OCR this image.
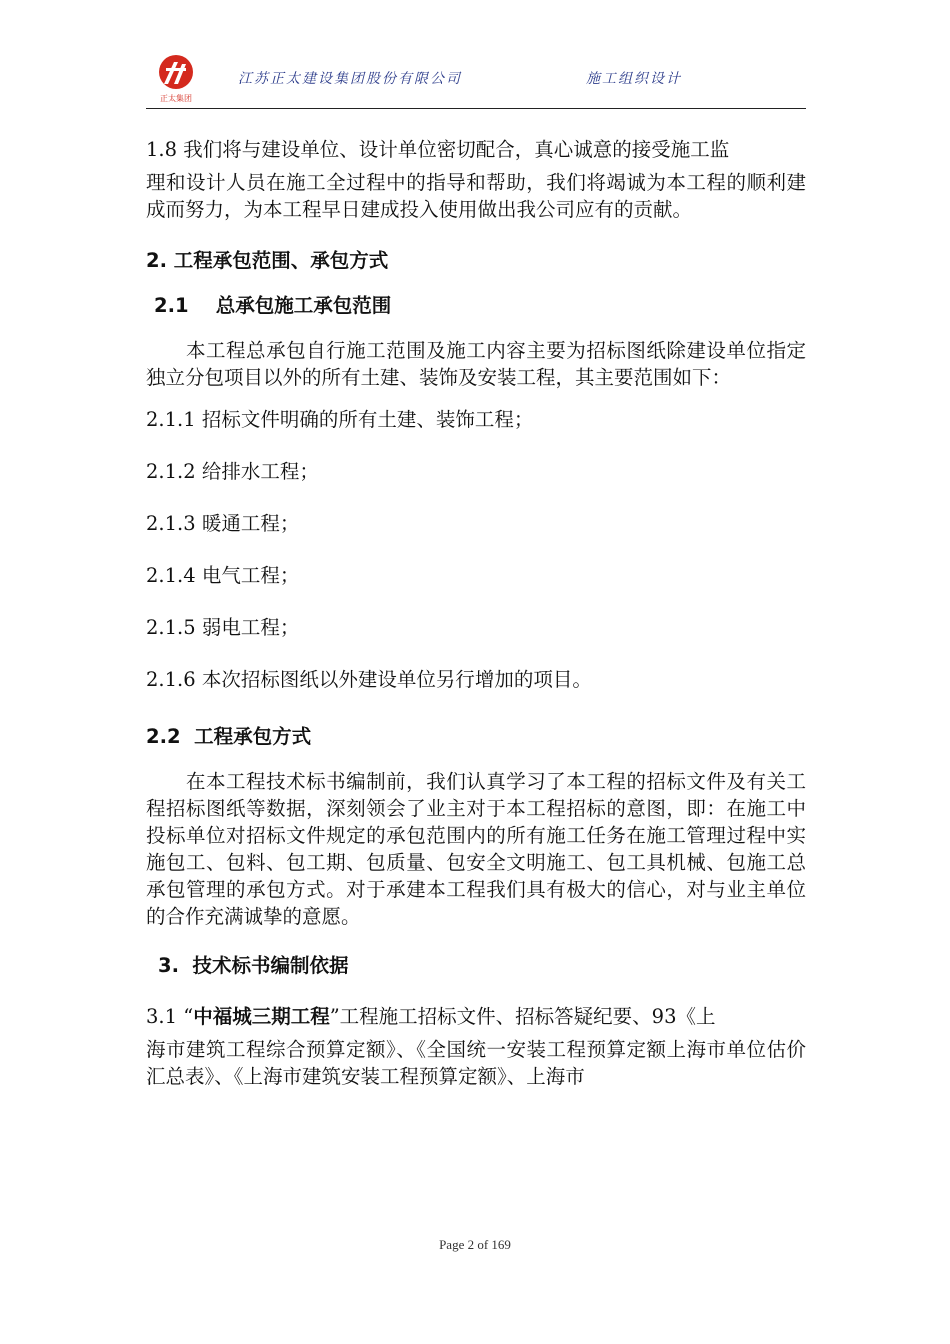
正太集团
江苏正太建设集团股份有限公司	施工组织设计

1.8 我们将与建设单位、设计单位密切配合，真心诚意的接受施工监

理和设计人员在施工全过程中的指导和帮助，我们将竭诚为本工程的顺利建成而努力，为本工程早日建成投入使用做出我公司应有的贡献。

2. 工程承包范围、承包方式
2.1    总承包施工承包范围

本工程总承包自行施工范围及施工内容主要为招标图纸除建设单位指定独立分包项目以外的所有土建、装饰及安装工程，其主要范围如下：

2.1.1 招标文件明确的所有土建、装饰工程；

2.1.2 给排水工程；

2.1.3 暖通工程；

2.1.4 电气工程；

2.1.5 弱电工程；

2.1.6 本次招标图纸以外建设单位另行增加的项目。

2.2  工程承包方式

在本工程技术标书编制前，我们认真学习了本工程的招标文件及有关工程招标图纸等数据，深刻领会了业主对于本工程招标的意图，即：在施工中投标单位对招标文件规定的承包范围内的所有施工任务在施工管理过程中实施包工、包料、包工期、包质量、包安全文明施工、包工具机械、包施工总承包管理的承包方式。对于承建本工程我们具有极大的信心，对与业主单位的合作充满诚挚的意愿。

3.  技术标书编制依据

3.1 “中福城三期工程”工程施工招标文件、招标答疑纪要、93《上

海市建筑工程综合预算定额》、《全国统一安装工程预算定额上海市单位估价汇总表》、《上海市建筑安装工程预算定额》、上海市

Page 2 of 169
